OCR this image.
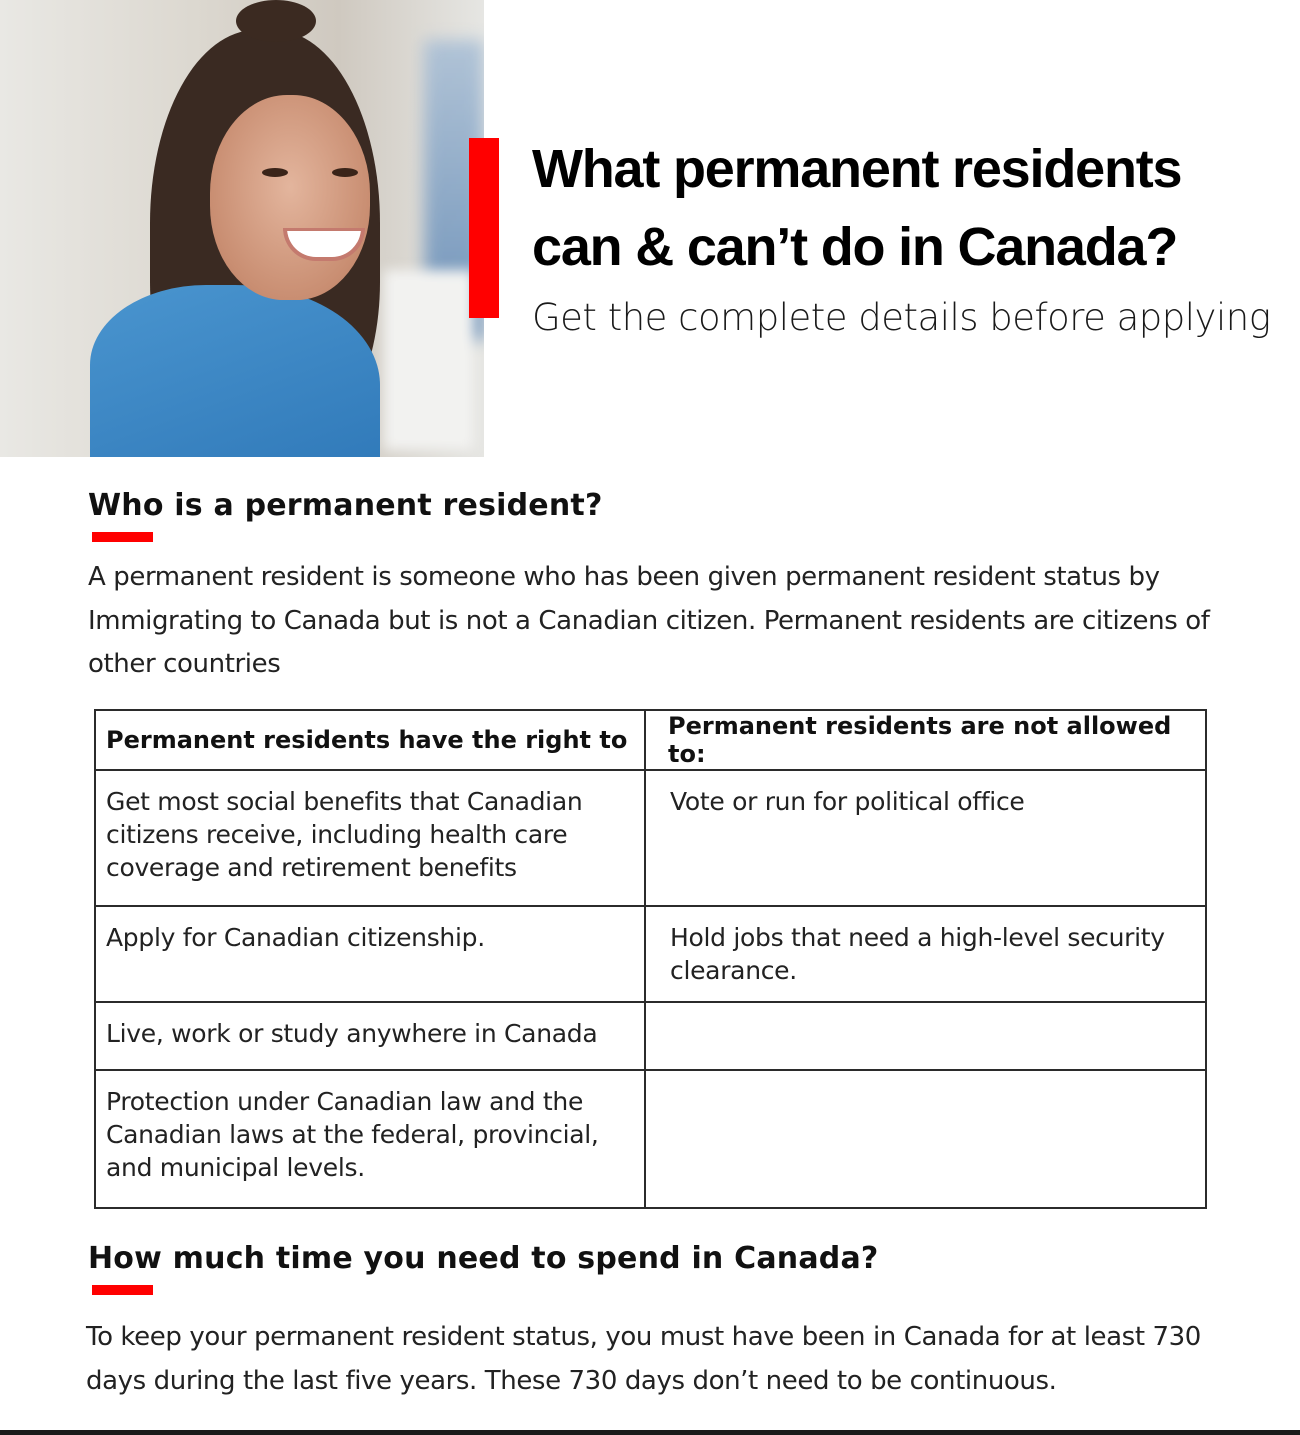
What permanent residents
can & can’t do in Canada?

Get the complete details before applying

Who is a permanent resident?

A permanent resident is someone who has been given permanent resident status by Immigrating to Canada but is not a Canadian citizen. Permanent residents are citizens of other countries

Permanent residents have the right to	Permanent residents are not allowed to:

Get most social benefits that Canadian citizens receive, including health care coverage and retirement benefits	Vote or run for political office

Apply for Canadian citizenship.	Hold jobs that need a high-level security clearance.

Live, work or study anywhere in Canada	

Protection under Canadian law and the Canadian laws at the federal, provincial, and municipal levels.	

How much time you need to spend in Canada?

To keep your permanent resident status, you must have been in Canada for at least 730 days during the last five years. These 730 days don’t need to be continuous.
